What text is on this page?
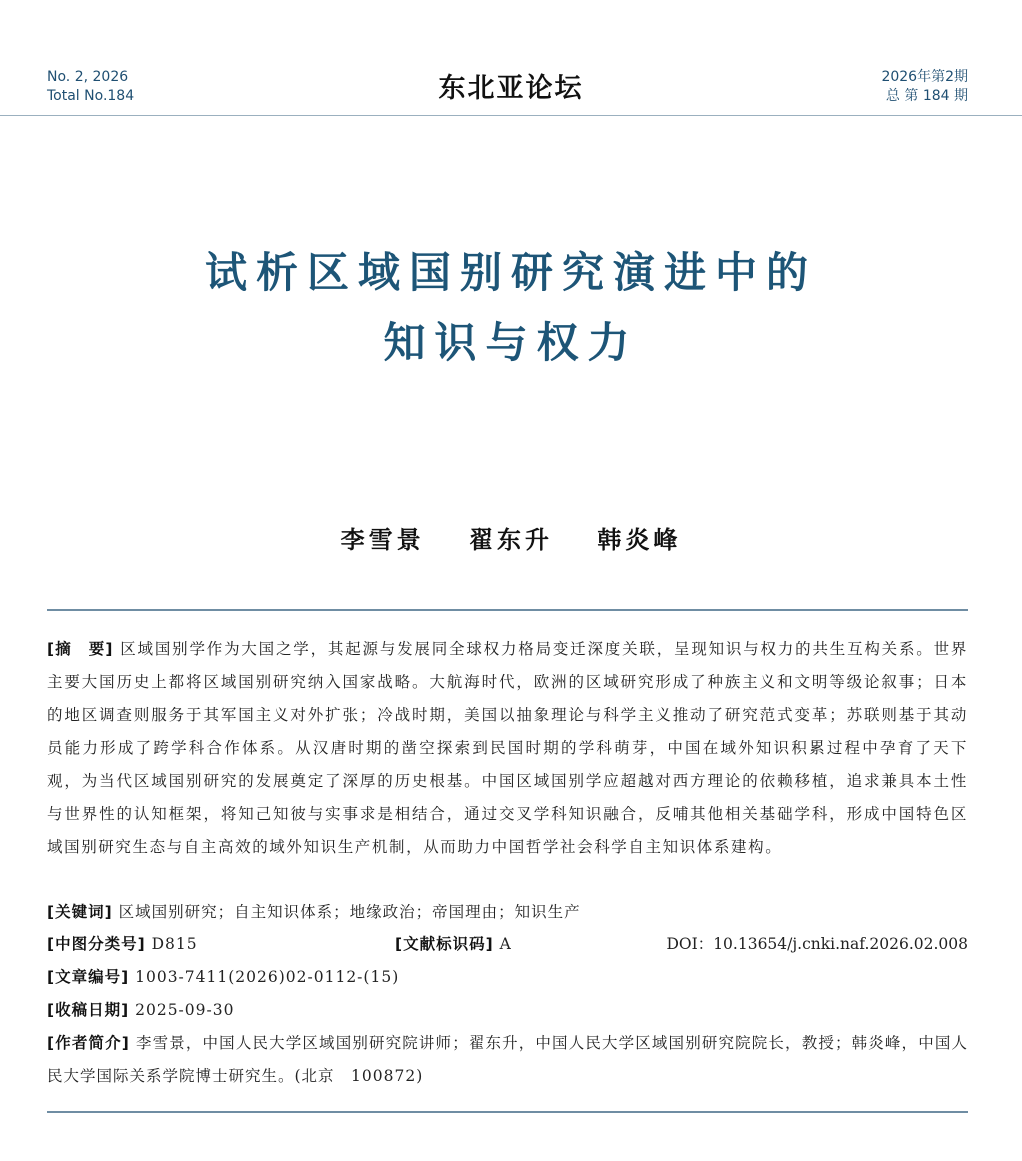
No. 2, 2026
Total No.184	东北亚论坛	2026年第2期
总 第 184 期
试析区域国别研究演进中的
知识与权力
李雪景 翟东升 韩炎峰
[摘　要] 区域国别学作为大国之学，其起源与发展同全球权力格局变迁深度关联，呈现知识与权力的共生互构关系。世界主要大国历史上都将区域国别研究纳入国家战略。大航海时代，欧洲的区域研究形成了种族主义和文明等级论叙事；日本的地区调查则服务于其军国主义对外扩张；冷战时期，美国以抽象理论与科学主义推动了研究范式变革；苏联则基于其动员能力形成了跨学科合作体系。从汉唐时期的凿空探索到民国时期的学科萌芽，中国在域外知识积累过程中孕育了天下观，为当代区域国别研究的发展奠定了深厚的历史根基。中国区域国别学应超越对西方理论的依赖移植，追求兼具本土性与世界性的认知框架，将知己知彼与实事求是相结合，通过交叉学科知识融合，反哺其他相关基础学科，形成中国特色区域国别研究生态与自主高效的域外知识生产机制，从而助力中国哲学社会科学自主知识体系建构。
[关键词] 区域国别研究；自主知识体系；地缘政治；帝国理由；知识生产
[中图分类号] D815	[文献标识码] A	DOI：10.13654/j.cnki.naf.2026.02.008
[文章编号] 1003-7411(2026)02-0112-(15)
[收稿日期] 2025-09-30
[作者简介] 李雪景，中国人民大学区域国别研究院讲师；翟东升，中国人民大学区域国别研究院院长，教授；韩炎峰，中国人民大学国际关系学院博士研究生。(北京　100872)
